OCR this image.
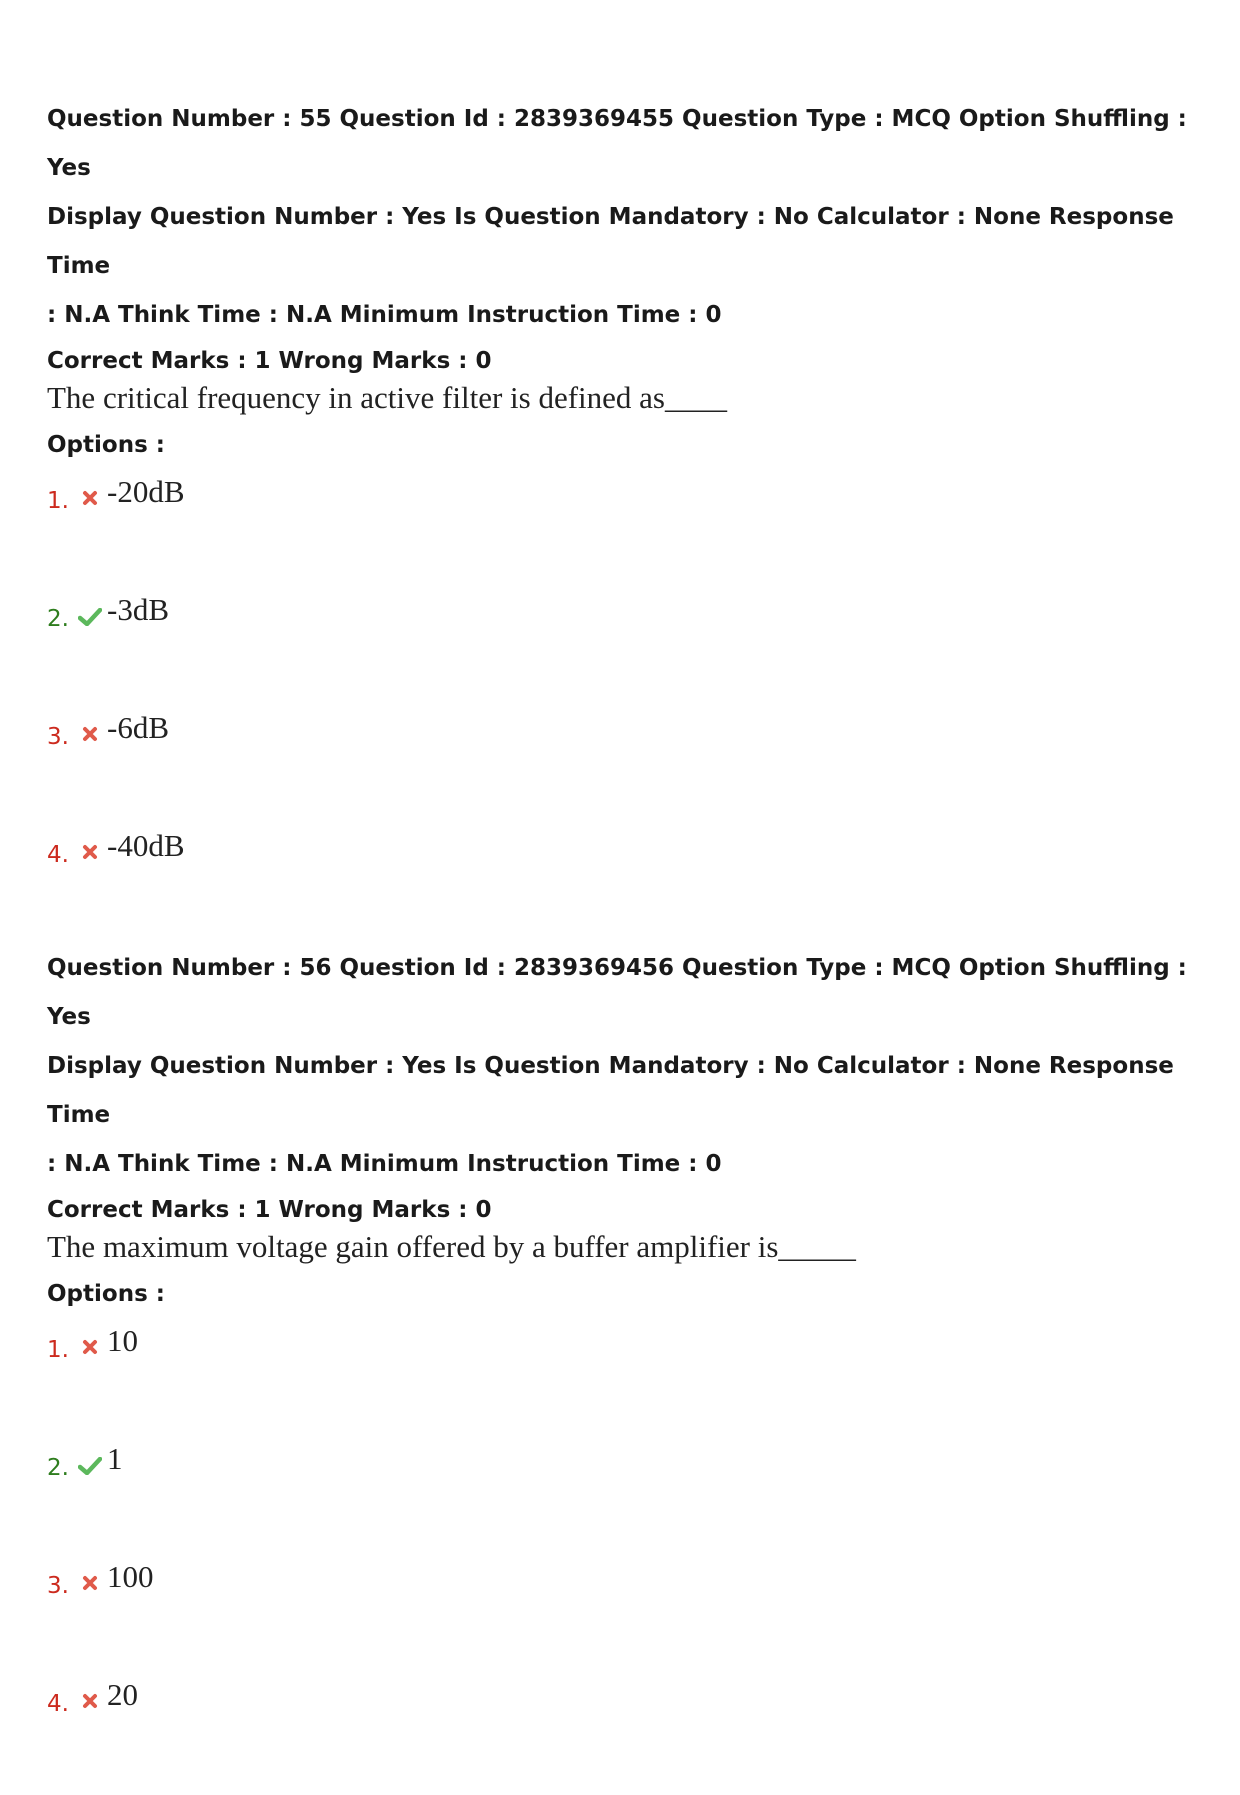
Question Number : 55 Question Id : 2839369455 Question Type : MCQ Option Shuffling : Yes

Display Question Number : Yes Is Question Mandatory : No Calculator : None Response Time

: N.A Think Time : N.A Minimum Instruction Time : 0

Correct Marks : 1 Wrong Marks : 0
The critical frequency in active filter is defined as____
Options :
1. -20dB
2. -3dB
3. -6dB
4. -40dB

Question Number : 56 Question Id : 2839369456 Question Type : MCQ Option Shuffling : Yes

Display Question Number : Yes Is Question Mandatory : No Calculator : None Response Time

: N.A Think Time : N.A Minimum Instruction Time : 0

Correct Marks : 1 Wrong Marks : 0
The maximum voltage gain offered by a buffer amplifier is_____
Options :
1. 10
2. 1
3. 100
4. 20
